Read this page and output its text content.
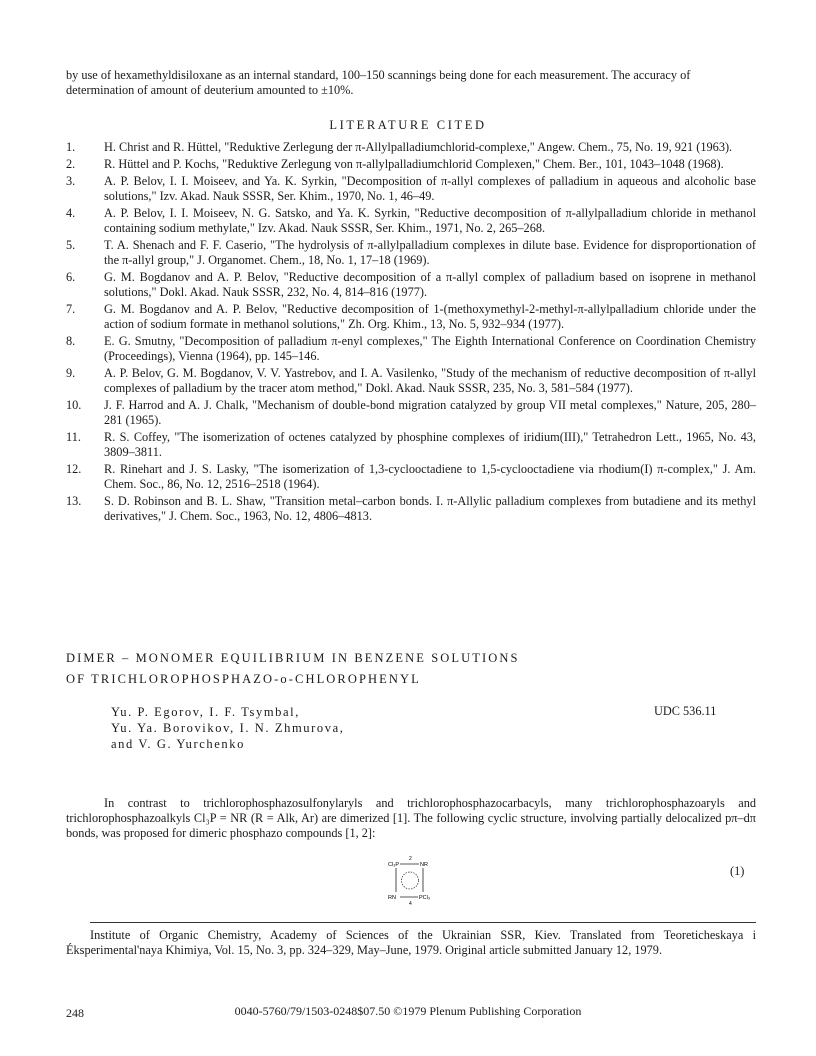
by use of hexamethyldisiloxane as an internal standard, 100–150 scannings being done for each measurement. The accuracy of determination of amount of deuterium amounted to ±10%.

LITERATURE CITED
1.	H. Christ and R. Hüttel, "Reduktive Zerlegung der π-Allylpalladiumchlorid-complexe," Angew. Chem., 75, No. 19, 921 (1963).
2.	R. Hüttel and P. Kochs, "Reduktive Zerlegung von π-allylpalladiumchlorid Complexen," Chem. Ber., 101, 1043–1048 (1968).
3.	A. P. Belov, I. I. Moiseev, and Ya. K. Syrkin, "Decomposition of π-allyl complexes of palladium in aqueous and alcoholic base solutions," Izv. Akad. Nauk SSSR, Ser. Khim., 1970, No. 1, 46–49.
4.	A. P. Belov, I. I. Moiseev, N. G. Satsko, and Ya. K. Syrkin, "Reductive decomposition of π-allylpalladium chloride in methanol containing sodium methylate," Izv. Akad. Nauk SSSR, Ser. Khim., 1971, No. 2, 265–268.
5.	T. A. Shenach and F. F. Caserio, "The hydrolysis of π-allylpalladium complexes in dilute base. Evidence for disproportionation of the π-allyl group," J. Organomet. Chem., 18, No. 1, 17–18 (1969).
6.	G. M. Bogdanov and A. P. Belov, "Reductive decomposition of a π-allyl complex of palladium based on isoprene in methanol solutions," Dokl. Akad. Nauk SSSR, 232, No. 4, 814–816 (1977).
7.	G. M. Bogdanov and A. P. Belov, "Reductive decomposition of 1-(methoxymethyl-2-methyl-π-allylpalladium chloride under the action of sodium formate in methanol solutions," Zh. Org. Khim., 13, No. 5, 932–934 (1977).
8.	E. G. Smutny, "Decomposition of palladium π-enyl complexes," The Eighth International Conference on Coordination Chemistry (Proceedings), Vienna (1964), pp. 145–146.
9.	A. P. Belov, G. M. Bogdanov, V. V. Yastrebov, and I. A. Vasilenko, "Study of the mechanism of reductive decomposition of π-allyl complexes of palladium by the tracer atom method," Dokl. Akad. Nauk SSSR, 235, No. 3, 581–584 (1977).
10.	J. F. Harrod and A. J. Chalk, "Mechanism of double-bond migration catalyzed by group VII metal complexes," Nature, 205, 280–281 (1965).
11.	R. S. Coffey, "The isomerization of octenes catalyzed by phosphine complexes of iridium(III)," Tetrahedron Lett., 1965, No. 43, 3809–3811.
12.	R. Rinehart and J. S. Lasky, "The isomerization of 1,3-cyclooctadiene to 1,5-cyclooctadiene via rhodium(I) π-complex," J. Am. Chem. Soc., 86, No. 12, 2516–2518 (1964).
13.	S. D. Robinson and B. L. Shaw, "Transition metal–carbon bonds. I. π-Allylic palladium complexes from butadiene and its methyl derivatives," J. Chem. Soc., 1963, No. 12, 4806–4813.
DIMER – MONOMER EQUILIBRIUM IN BENZENE SOLUTIONS
OF TRICHLOROPHOSPHAZO-o-CHLOROPHENYL
Yu. P. Egorov, I. F. Tsymbal,
Yu. Ya. Borovikov, I. N. Zhmurova,
and V. G. Yurchenko
UDC 536.11

In contrast to trichlorophosphazosulfonylaryls and trichlorophosphazocarbacyls, many trichlorophosphazoaryls and trichlorophosphazoalkyls Cl₃P = NR (R = Alk, Ar) are dimerized [1]. The following cyclic structure, involving partially delocalized pπ–dπ bonds, was proposed for dimeric phosphazo compounds [1, 2]:

Cl₃P
2
NR
RN	PCl₃
4
(1)

Institute of Organic Chemistry, Academy of Sciences of the Ukrainian SSR, Kiev. Translated from Teoreticheskaya i Éksperimental'naya Khimiya, Vol. 15, No. 3, pp. 324–329, May–June, 1979. Original article submitted January 12, 1979.

248	0040-5760/79/1503-0248$07.50 ©1979 Plenum Publishing Corporation
